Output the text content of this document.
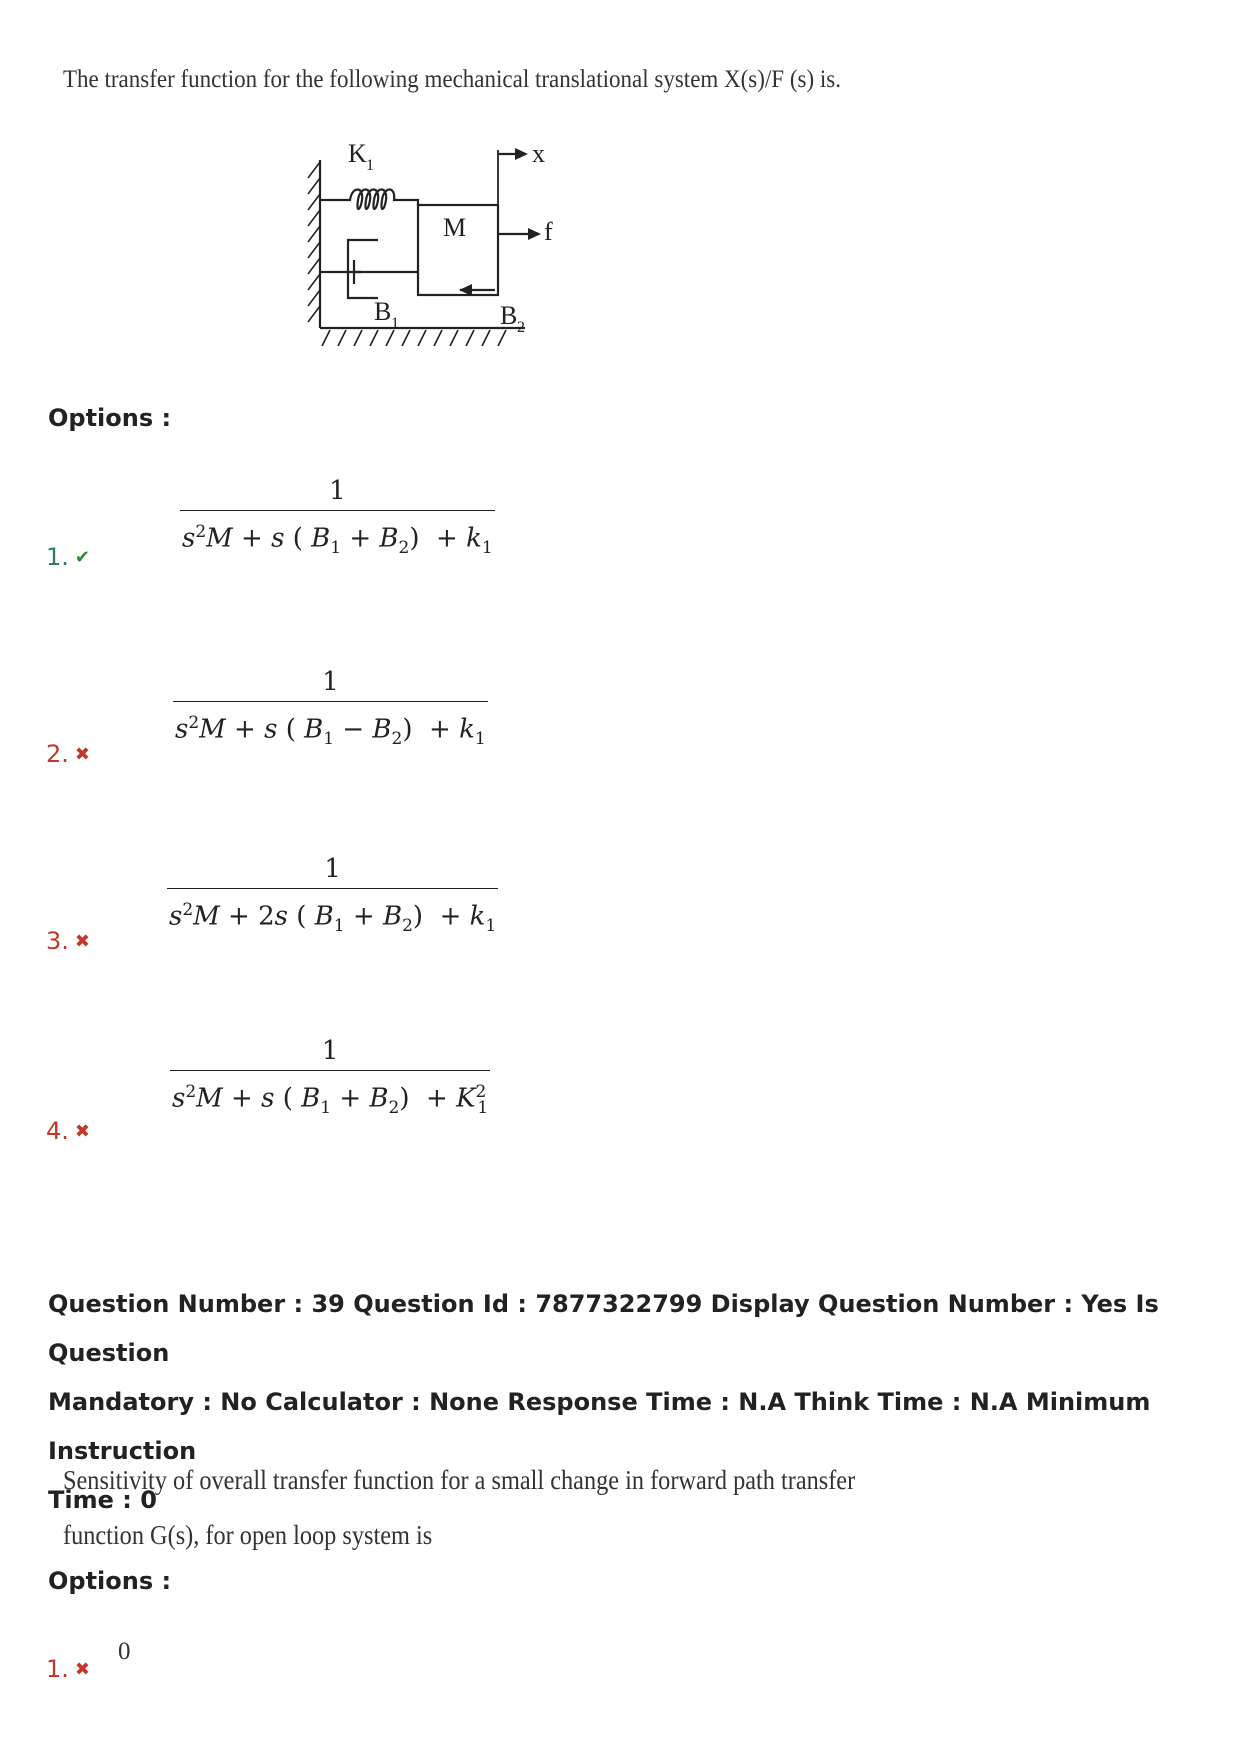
The transfer function for the following mechanical translational system X(s)/F (s) is.
K 1
M
x
f
B 1	B 2
Options :
1
$s^2M + s$ ( $B_1 + B_2) + k_1$
1. ✔
1
$s^2M + s$ ( $B_1 - B_2) + k_1$
2. ✖
1
$s^2M + 2s$ ( $B_1 + B_2) + k_1$
3. ✖
1
$s^2M + s$ ( $B_1 + B_2) + K^2_1$
4. ✖
Question Number : 39 Question Id : 7877322799 Display Question Number : Yes Is Question
Mandatory : No Calculator : None Response Time : N.A Think Time : N.A Minimum Instruction
Time : 0
Sensitivity of overall transfer function for a small change in forward path transfer
function G(s), for open loop system is
Options :
0
1. ✖
